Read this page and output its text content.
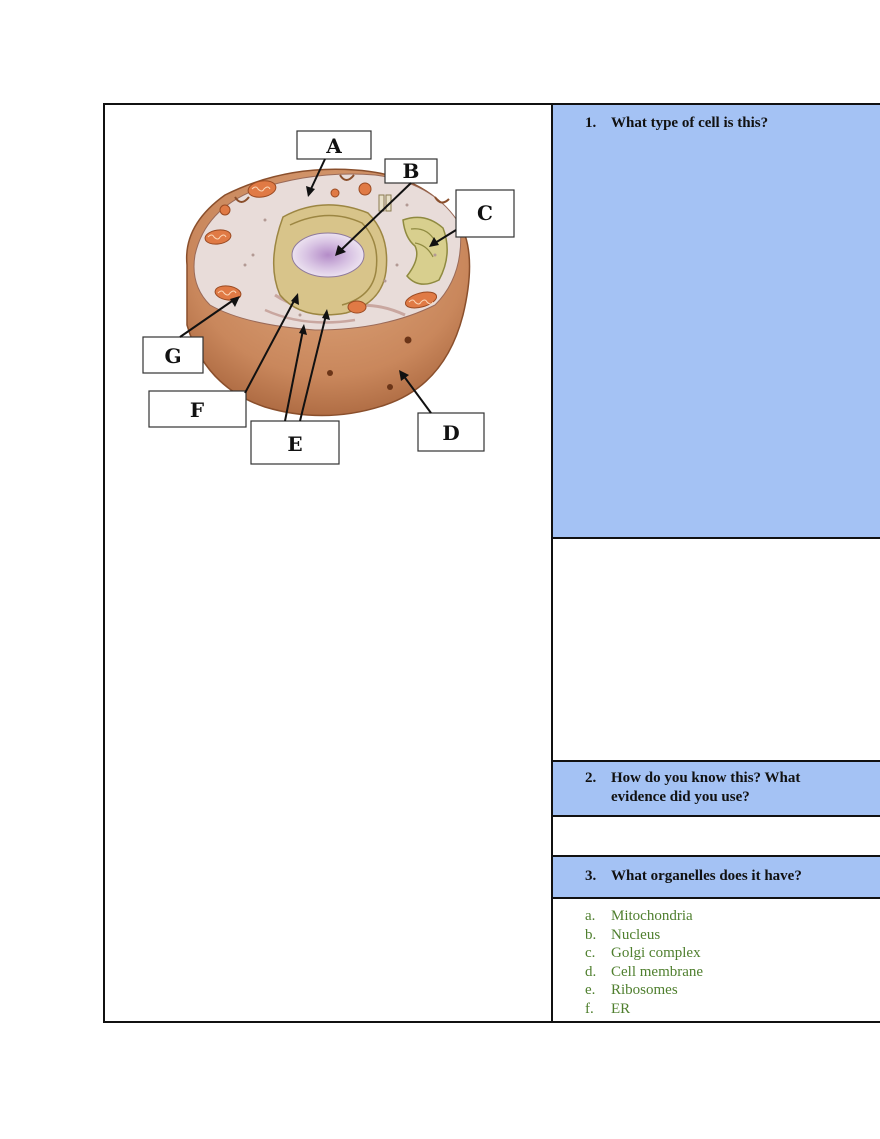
A
B
C
D
E
F
G
1. What type of cell is this?
2. How do you know this? What evidence did you use?
3. What organelles does it have?
a. Mitochondria
b. Nucleus
c. Golgi complex
d. Cell membrane
e. Ribosomes
f. ER
